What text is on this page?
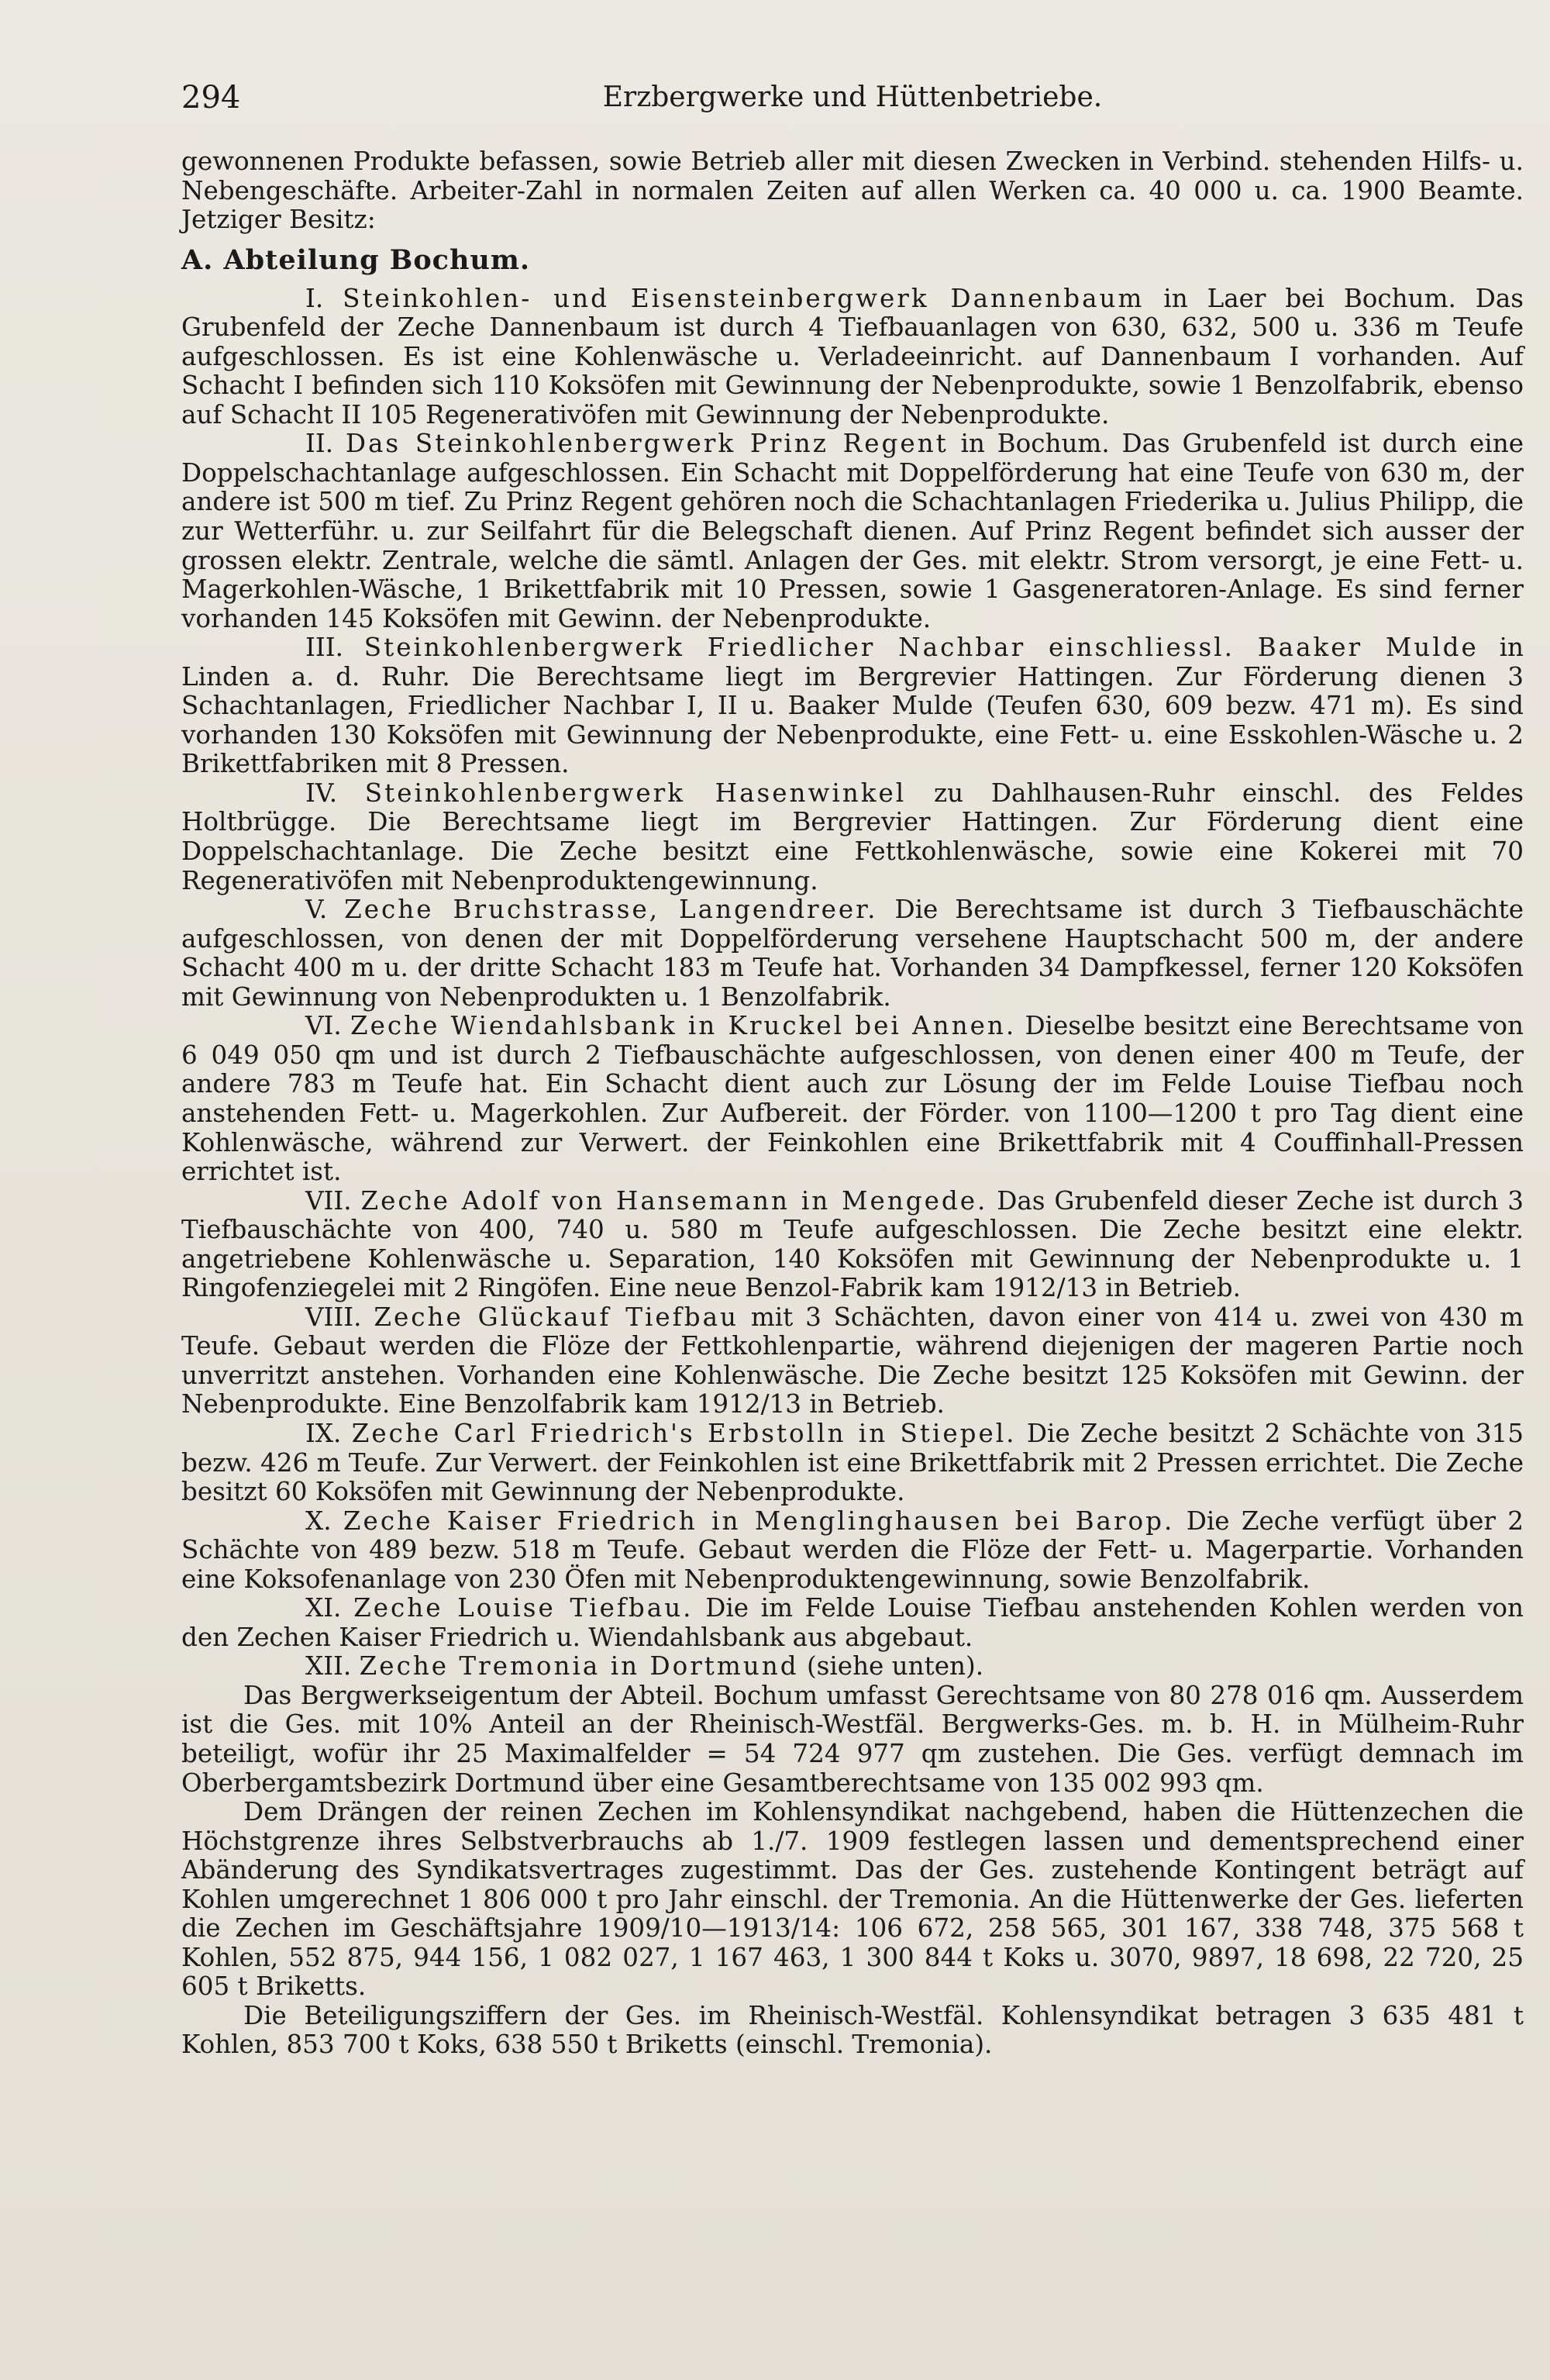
294	Erzbergwerke und Hüttenbetriebe.

gewonnenen Produkte befassen, sowie Betrieb aller mit diesen Zwecken in Verbind. stehenden Hilfs- u. Nebengeschäfte. Arbeiter-Zahl in normalen Zeiten auf allen Werken ca. 40 000 u. ca. 1900 Beamte. Jetziger Besitz:

A. Abteilung Bochum.

I. Steinkohlen- und Eisensteinbergwerk Dannenbaum in Laer bei Bochum. Das Grubenfeld der Zeche Dannenbaum ist durch 4 Tiefbauanlagen von 630, 632, 500 u. 336 m Teufe aufgeschlossen. Es ist eine Kohlenwäsche u. Verladeeinricht. auf Dannenbaum I vorhanden. Auf Schacht I befinden sich 110 Koksöfen mit Gewinnung der Nebenprodukte, sowie 1 Benzolfabrik, ebenso auf Schacht II 105 Regenerativöfen mit Gewinnung der Nebenprodukte.

II. Das Steinkohlenbergwerk Prinz Regent in Bochum. Das Grubenfeld ist durch eine Doppelschachtanlage aufgeschlossen. Ein Schacht mit Doppelförderung hat eine Teufe von 630 m, der andere ist 500 m tief. Zu Prinz Regent gehören noch die Schachtanlagen Friederika u. Julius Philipp, die zur Wetterführ. u. zur Seilfahrt für die Belegschaft dienen. Auf Prinz Regent befindet sich ausser der grossen elektr. Zentrale, welche die sämtl. Anlagen der Ges. mit elektr. Strom versorgt, je eine Fett- u. Magerkohlen-Wäsche, 1 Brikettfabrik mit 10 Pressen, sowie 1 Gasgeneratoren-Anlage. Es sind ferner vorhanden 145 Koksöfen mit Gewinn. der Nebenprodukte.

III. Steinkohlenbergwerk Friedlicher Nachbar einschliessl. Baaker Mulde in Linden a. d. Ruhr. Die Berechtsame liegt im Bergrevier Hattingen. Zur Förderung dienen 3 Schachtanlagen, Friedlicher Nachbar I, II u. Baaker Mulde (Teufen 630, 609 bezw. 471 m). Es sind vorhanden 130 Koksöfen mit Gewinnung der Nebenprodukte, eine Fett- u. eine Esskohlen-Wäsche u. 2 Brikettfabriken mit 8 Pressen.

IV. Steinkohlenbergwerk Hasenwinkel zu Dahlhausen-Ruhr einschl. des Feldes Holtbrügge. Die Berechtsame liegt im Bergrevier Hattingen. Zur Förderung dient eine Doppelschachtanlage. Die Zeche besitzt eine Fettkohlenwäsche, sowie eine Kokerei mit 70 Regenerativöfen mit Nebenproduktengewinnung.

V. Zeche Bruchstrasse, Langendreer. Die Berechtsame ist durch 3 Tiefbauschächte aufgeschlossen, von denen der mit Doppelförderung versehene Hauptschacht 500 m, der andere Schacht 400 m u. der dritte Schacht 183 m Teufe hat. Vorhanden 34 Dampfkessel, ferner 120 Koksöfen mit Gewinnung von Nebenprodukten u. 1 Benzolfabrik.

VI. Zeche Wiendahlsbank in Kruckel bei Annen. Dieselbe besitzt eine Berechtsame von 6 049 050 qm und ist durch 2 Tiefbauschächte aufgeschlossen, von denen einer 400 m Teufe, der andere 783 m Teufe hat. Ein Schacht dient auch zur Lösung der im Felde Louise Tiefbau noch anstehenden Fett- u. Magerkohlen. Zur Aufbereit. der Förder. von 1100—1200 t pro Tag dient eine Kohlenwäsche, während zur Verwert. der Feinkohlen eine Brikettfabrik mit 4 Couffinhall-Pressen errichtet ist.

VII. Zeche Adolf von Hansemann in Mengede. Das Grubenfeld dieser Zeche ist durch 3 Tiefbauschächte von 400, 740 u. 580 m Teufe aufgeschlossen. Die Zeche besitzt eine elektr. angetriebene Kohlenwäsche u. Separation, 140 Koksöfen mit Gewinnung der Nebenprodukte u. 1 Ringofenziegelei mit 2 Ringöfen. Eine neue Benzol-Fabrik kam 1912/13 in Betrieb.

VIII. Zeche Glückauf Tiefbau mit 3 Schächten, davon einer von 414 u. zwei von 430 m Teufe. Gebaut werden die Flöze der Fettkohlenpartie, während diejenigen der mageren Partie noch unverritzt anstehen. Vorhanden eine Kohlenwäsche. Die Zeche besitzt 125 Koksöfen mit Gewinn. der Nebenprodukte. Eine Benzolfabrik kam 1912/13 in Betrieb.

IX. Zeche Carl Friedrich's Erbstolln in Stiepel. Die Zeche besitzt 2 Schächte von 315 bezw. 426 m Teufe. Zur Verwert. der Feinkohlen ist eine Brikettfabrik mit 2 Pressen errichtet. Die Zeche besitzt 60 Koksöfen mit Gewinnung der Nebenprodukte.

X. Zeche Kaiser Friedrich in Menglinghausen bei Barop. Die Zeche verfügt über 2 Schächte von 489 bezw. 518 m Teufe. Gebaut werden die Flöze der Fett- u. Magerpartie. Vorhanden eine Koksofenanlage von 230 Öfen mit Nebenproduktengewinnung, sowie Benzolfabrik.

XI. Zeche Louise Tiefbau. Die im Felde Louise Tiefbau anstehenden Kohlen werden von den Zechen Kaiser Friedrich u. Wiendahlsbank aus abgebaut.

XII. Zeche Tremonia in Dortmund (siehe unten).

Das Bergwerkseigentum der Abteil. Bochum umfasst Gerechtsame von 80 278 016 qm. Ausserdem ist die Ges. mit 10% Anteil an der Rheinisch-Westfäl. Bergwerks-Ges. m. b. H. in Mülheim-Ruhr beteiligt, wofür ihr 25 Maximalfelder = 54 724 977 qm zustehen. Die Ges. verfügt demnach im Oberbergamtsbezirk Dortmund über eine Gesamtberechtsame von 135 002 993 qm.

Dem Drängen der reinen Zechen im Kohlensyndikat nachgebend, haben die Hüttenzechen die Höchstgrenze ihres Selbstverbrauchs ab 1./7. 1909 festlegen lassen und dementsprechend einer Abänderung des Syndikatsvertrages zugestimmt. Das der Ges. zustehende Kontingent beträgt auf Kohlen umgerechnet 1 806 000 t pro Jahr einschl. der Tremonia. An die Hüttenwerke der Ges. lieferten die Zechen im Geschäftsjahre 1909/10—1913/14: 106 672, 258 565, 301 167, 338 748, 375 568 t Kohlen, 552 875, 944 156, 1 082 027, 1 167 463, 1 300 844 t Koks u. 3070, 9897, 18 698, 22 720, 25 605 t Briketts.

Die Beteiligungsziffern der Ges. im Rheinisch-Westfäl. Kohlensyndikat betragen 3 635 481 t Kohlen, 853 700 t Koks, 638 550 t Briketts (einschl. Tremonia).
